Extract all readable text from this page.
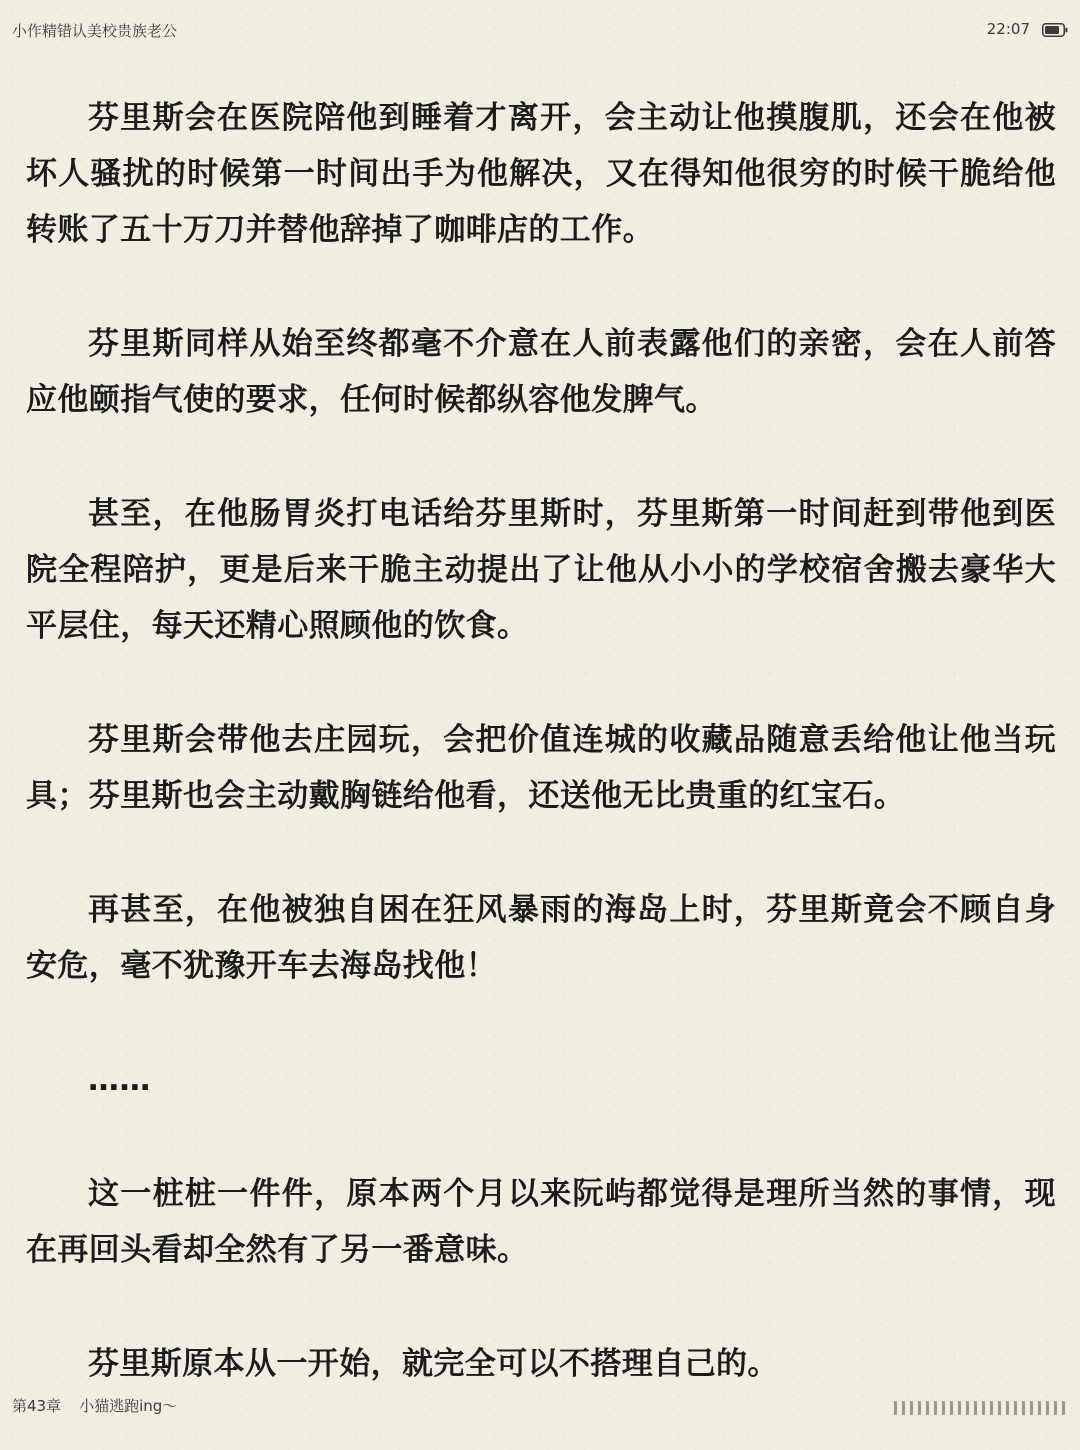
小作精错认美校贵族老公	22:07

芬里斯会在医院陪他到睡着才离开，会主动让他摸腹肌，还会在他被坏人骚扰的时候第一时间出手为他解决，又在得知他很穷的时候干脆给他转账了五十万刀并替他辞掉了咖啡店的工作。

芬里斯同样从始至终都毫不介意在人前表露他们的亲密，会在人前答应他颐指气使的要求，任何时候都纵容他发脾气。

甚至，在他肠胃炎打电话给芬里斯时，芬里斯第一时间赶到带他到医院全程陪护，更是后来干脆主动提出了让他从小小的学校宿舍搬去豪华大平层住，每天还精心照顾他的饮食。

芬里斯会带他去庄园玩，会把价值连城的收藏品随意丢给他让他当玩具；芬里斯也会主动戴胸链给他看，还送他无比贵重的红宝石。

再甚至，在他被独自困在狂风暴雨的海岛上时，芬里斯竟会不顾自身安危，毫不犹豫开车去海岛找他！

……

这一桩桩一件件，原本两个月以来阮屿都觉得是理所当然的事情，现在再回头看却全然有了另一番意味。

芬里斯原本从一开始，就完全可以不搭理自己的。

第43章 小猫逃跑ing～
